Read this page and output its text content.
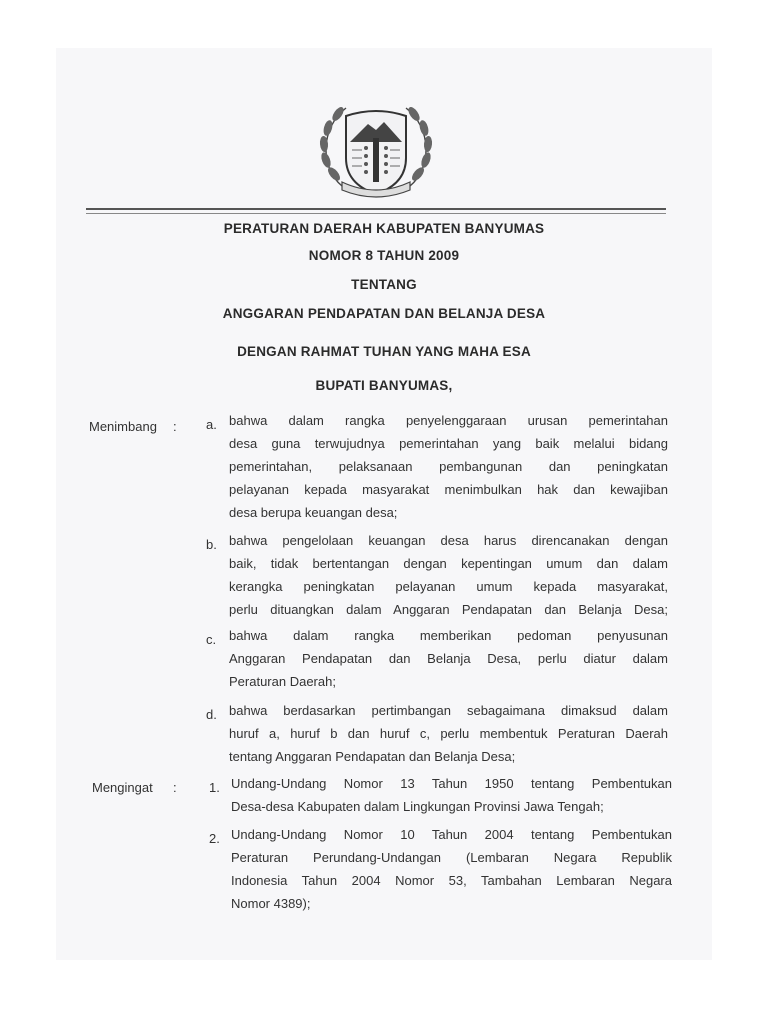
PERATURAN DAERAH KABUPATEN BANYUMAS
NOMOR 8 TAHUN 2009
TENTANG
ANGGARAN PENDAPATAN DAN BELANJA DESA
DENGAN RAHMAT TUHAN YANG MAHA ESA
BUPATI BANYUMAS,
Menimbang : a. bahwa dalam rangka penyelenggaraan urusan pemerintahan
desa guna terwujudnya pemerintahan yang baik melalui bidang
pemerintahan, pelaksanaan pembangunan dan peningkatan
pelayanan kepada masyarakat menimbulkan hak dan kewajiban
desa berupa keuangan desa;
b. bahwa pengelolaan keuangan desa harus direncanakan dengan
baik, tidak bertentangan dengan kepentingan umum dan dalam
kerangka peningkatan pelayanan umum kepada masyarakat,
perlu dituangkan dalam Anggaran Pendapatan dan Belanja Desa;
c. bahwa dalam rangka memberikan pedoman penyusunan
Anggaran Pendapatan dan Belanja Desa, perlu diatur dalam
Peraturan Daerah;
d. bahwa berdasarkan pertimbangan sebagaimana dimaksud dalam
huruf a, huruf b dan huruf c, perlu membentuk Peraturan Daerah
tentang Anggaran Pendapatan dan Belanja Desa;
Mengingat : 1. Undang-Undang Nomor 13 Tahun 1950 tentang Pembentukan
Desa-desa Kabupaten dalam Lingkungan Provinsi Jawa Tengah;
2. Undang-Undang Nomor 10 Tahun 2004 tentang Pembentukan
Peraturan Perundang-Undangan (Lembaran Negara Republik
Indonesia Tahun 2004 Nomor 53, Tambahan Lembaran Negara
Nomor 4389);
